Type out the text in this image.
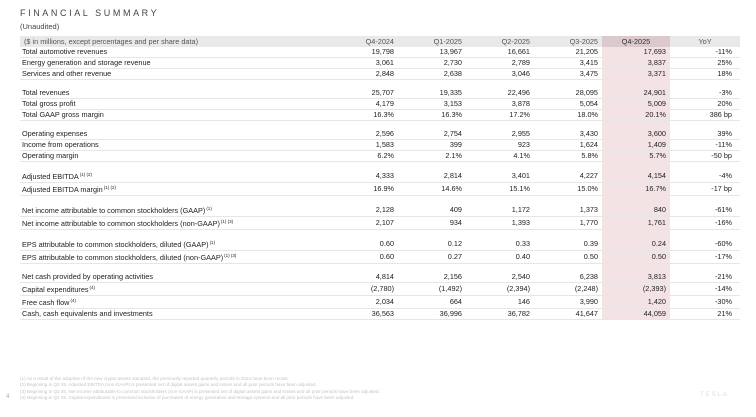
FINANCIAL SUMMARY
(Unaudited)
($ in millions, except percentages and per share data)	Q4-2024	Q1-2025	Q2-2025	Q3-2025	Q4-2025	YoY
Total automotive revenues	19,798	13,967	16,661	21,205	17,693	-11%
Energy generation and storage revenue	3,061	2,730	2,789	3,415	3,837	25%
Services and other revenue	2,848	2,638	3,046	3,475	3,371	18%

Total revenues	25,707	19,335	22,496	28,095	24,901	-3%
Total gross profit	4,179	3,153	3,878	5,054	5,009	20%
Total GAAP gross margin	16.3%	16.3%	17.2%	18.0%	20.1%	386 bp

Operating expenses	2,596	2,754	2,955	3,430	3,600	39%
Income from operations	1,583	399	923	1,624	1,409	-11%
Operating margin	6.2%	2.1%	4.1%	5.8%	5.7%	-50 bp

Adjusted $EBITDA^{(1) (2)}$	4,333	2,814	3,401	4,227	4,154	-4%
Adjusted EBITDA margin$^{(1) (2)}$	16.9%	14.6%	15.1%	15.0%	16.7%	-17 bp

Net income attributable to common stockholders (GAAP)$^{(1)}$	2,128	409	1,172	1,373	840	-61%
Net income attributable to common stockholders (non-GAAP)$^{(1) (3)}$	2,107	934	1,393	1,770	1,761	-16%

EPS attributable to common stockholders, diluted (GAAP)$^{(1)}$	0.60	0.12	0.33	0.39	0.24	-60%
EPS attributable to common stockholders, diluted (non-GAAP)$^{(1) (3)}$	0.60	0.27	0.40	0.50	0.50	-17%

Net cash provided by operating activities	4,814	2,156	2,540	6,238	3,813	-21%
Capital expenditures$^{(4)}$	(2,780)	(1,492)	(2,394)	(2,248)	(2,393)	-14%
Free cash flow$^{(4)}$	2,034	664	146	3,990	1,420	-30%
Cash, cash equivalents and investments	36,563	36,996	36,782	41,647	44,059	21%
(1) As a result of the adoption of the new crypto assets standard, the previously reported quarterly periods in 2024 have been recast.
(2) Beginning in Q2 25, Adjusted EBITDA (non-GAAP) is presented net of digital assets gains and losses and all prior periods have been adjusted.
(3) Beginning in Q2 25, Net income attributable to common stockholders (non-GAAP) is presented net of digital assets gains and losses and all prior periods have been adjusted.
(4) Beginning in Q1 25, Capital expenditures is presented inclusive of purchases of energy generation and storage systems and all prior periods have been adjusted.
4	TESLA
